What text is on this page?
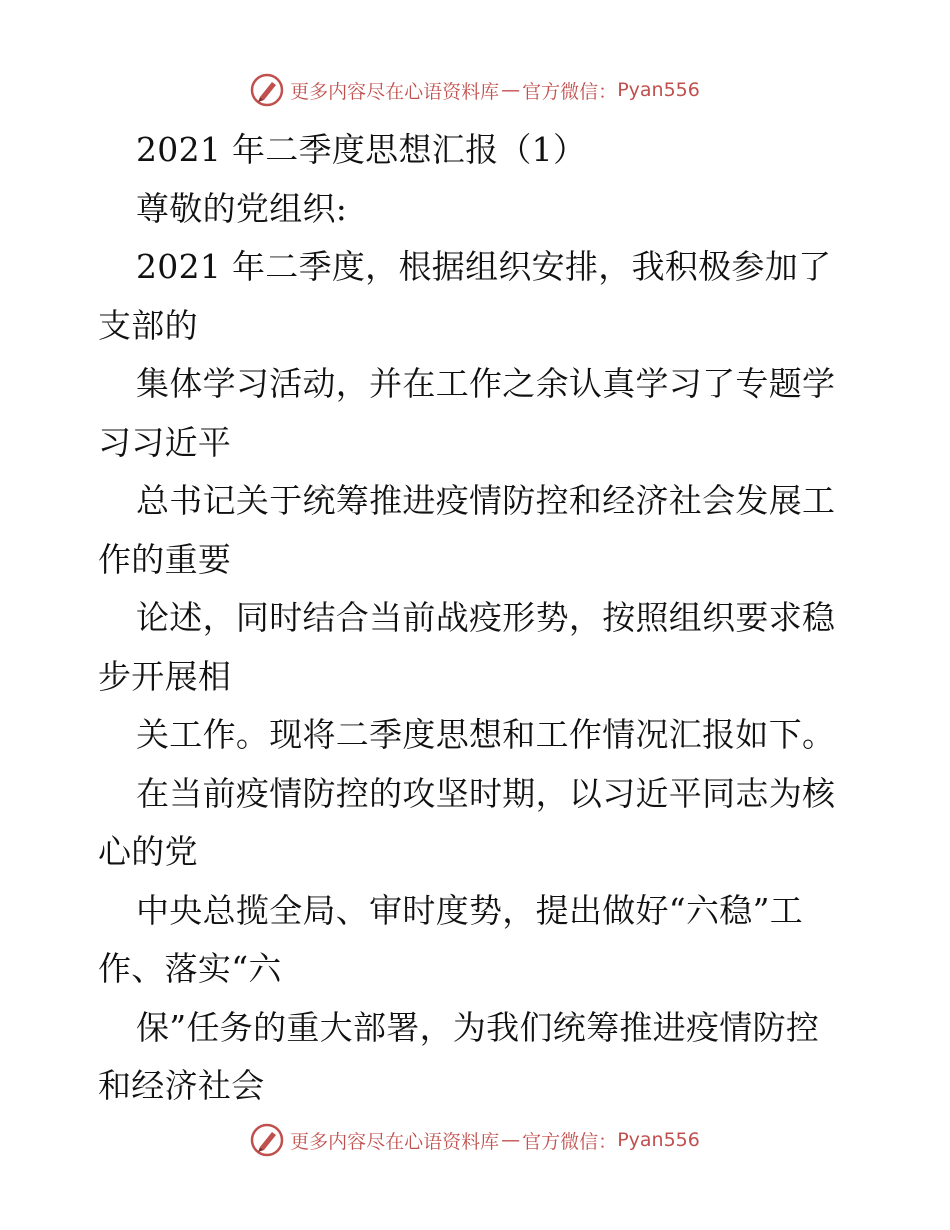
更多内容尽在心语资料库 — 官方微信： Pyan556

2021 年二季度思想汇报（1）

尊敬的党组织:

2021 年二季度，根据组织安排，我积极参加了

支部的

集体学习活动，并在工作之余认真学习了专题学

习习近平

总书记关于统筹推进疫情防控和经济社会发展工

作的重要

论述，同时结合当前战疫形势，按照组织要求稳

步开展相

关工作。现将二季度思想和工作情况汇报如下。

在当前疫情防控的攻坚时期，以习近平同志为核

心的党

中央总揽全局、审时度势，提出做好“六稳”工

作、落实“六

保”任务的重大部署，为我们统筹推进疫情防控

和经济社会

更多内容尽在心语资料库 — 官方微信： Pyan556
